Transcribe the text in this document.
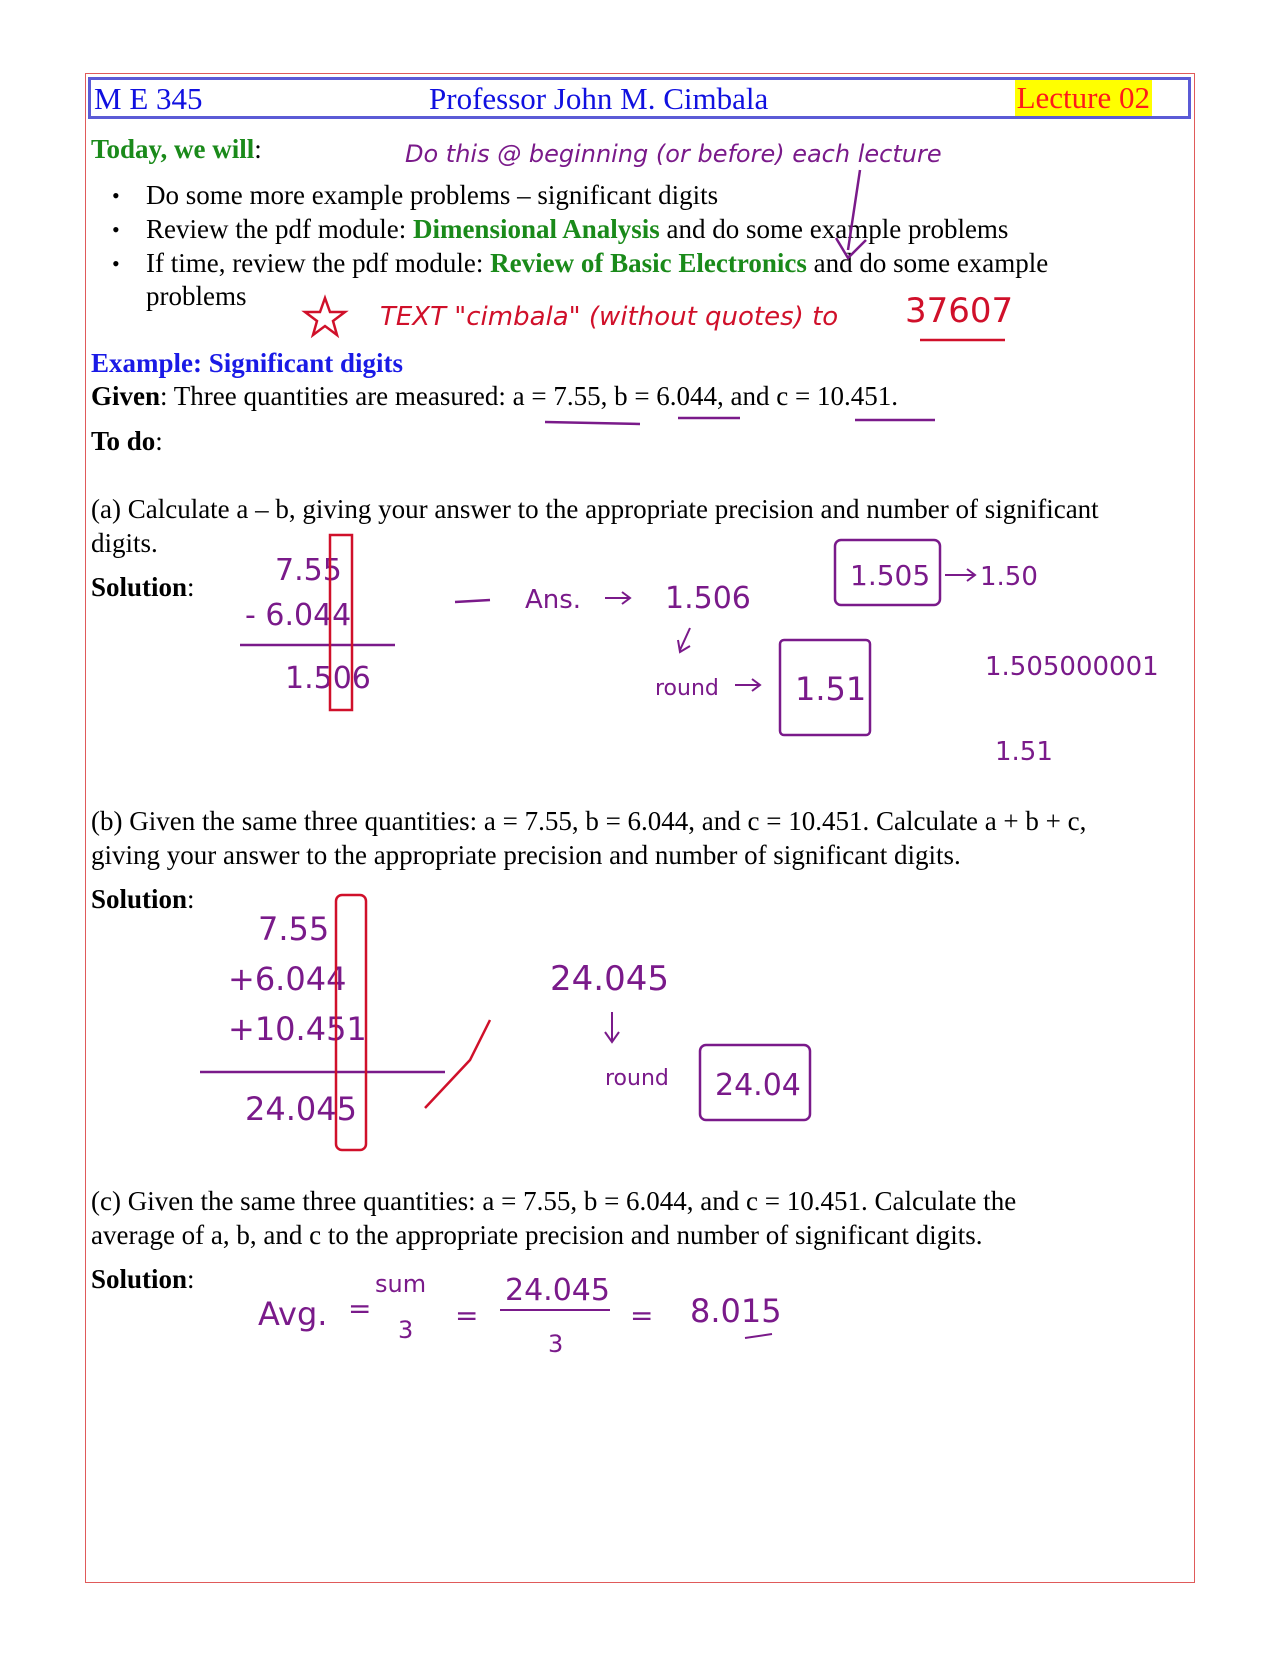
M E 345	Professor John M. Cimbala	Lecture 02
Today, we will:
• Do some more example problems – significant digits
• Review the pdf module: Dimensional Analysis and do some example problems
• If time, review the pdf module: Review of Basic Electronics and do some example
problems
Example: Significant digits
Given: Three quantities are measured: a = 7.55, b = 6.044, and c = 10.451.
To do:
(a) Calculate a – b, giving your answer to the appropriate precision and number of significant
digits.
Solution:
(b) Given the same three quantities: a = 7.55, b = 6.044, and c = 10.451. Calculate a + b + c,
giving your answer to the appropriate precision and number of significant digits.
Solution:
(c) Given the same three quantities: a = 7.55, b = 6.044, and c = 10.451. Calculate the
average of a, b, and c to the appropriate precision and number of significant digits.
Solution:
Do this @ beginning (or before) each lecture
TEXT "cimbala" (without quotes) to 37607
7.55
- 6.044
1.506
Ans.	1.506
round 1.51
1.505 1.50
1.505000001
1.51
7.55
+6.044
+10.451
24.045
24.045
round 24.04
Avg. =
sum
3 =
24.045
3
= 8.015
